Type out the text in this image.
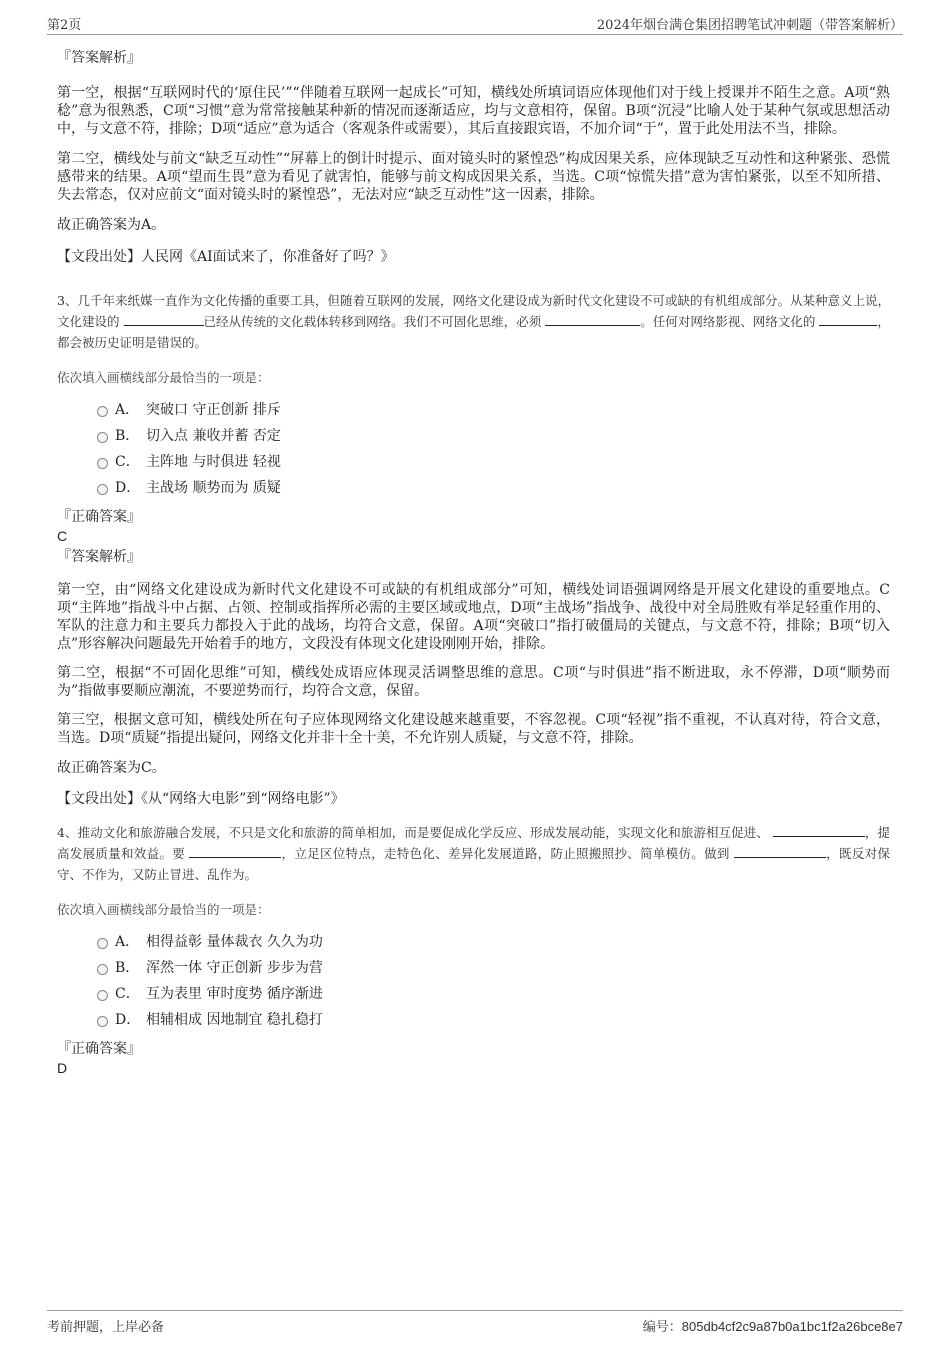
第2页	2024年烟台满仓集团招聘笔试冲刺题（带答案解析）

『答案解析』

第一空，根据“互联网时代的‘原住民’”“伴随着互联网一起成长”可知，横线处所填词语应体现他们对于线上授课并不陌生之意。A项“熟稔”意为很熟悉，C项“习惯”意为常常接触某种新的情况而逐渐适应，均与文意相符，保留。B项“沉浸”比喻人处于某种气氛或思想活动中，与文意不符，排除；D项“适应”意为适合（客观条件或需要），其后直接跟宾语，不加介词“于”，置于此处用法不当，排除。

第二空，横线处与前文“缺乏互动性”“屏幕上的倒计时提示、面对镜头时的紧惶恐”构成因果关系，应体现缺乏互动性和这种紧张、恐慌感带来的结果。A项“望而生畏”意为看见了就害怕，能够与前文构成因果关系，当选。C项“惊慌失措”意为害怕紧张，以至不知所措、失去常态，仅对应前文“面对镜头时的紧惶恐”，无法对应“缺乏互动性”这一因素，排除。

故正确答案为A。

【文段出处】人民网《AI面试来了，你准备好了吗？》

3、几千年来纸媒一直作为文化传播的重要工具，但随着互联网的发展，网络文化建设成为新时代文化建设不可或缺的有机组成部分。从某种意义上说，文化建设的	已经从传统的文化载体转移到网络。我们不可固化思维，必须	。任何对网络影视、网络文化的	，都会被历史证明是错误的。

依次填入画横线部分最恰当的一项是：

A． 突破口 守正创新 排斥
B． 切入点 兼收并蓄 否定
C． 主阵地 与时俱进 轻视
D． 主战场 顺势而为 质疑

『正确答案』

C

『答案解析』

第一空，由“网络文化建设成为新时代文化建设不可或缺的有机组成部分”可知，横线处词语强调网络是开展文化建设的重要地点。C项“主阵地”指战斗中占据、占领、控制或指挥所必需的主要区域或地点，D项“主战场”指战争、战役中对全局胜败有举足轻重作用的、军队的注意力和主要兵力都投入于此的战场，均符合文意，保留。A项“突破口”指打破僵局的关键点，与文意不符，排除；B项“切入点”形容解决问题最先开始着手的地方，文段没有体现文化建设刚刚开始，排除。

第二空，根据“不可固化思维”可知，横线处成语应体现灵活调整思维的意思。C项“与时俱进”指不断进取，永不停滞，D项“顺势而为”指做事要顺应潮流，不要逆势而行，均符合文意，保留。

第三空，根据文意可知，横线处所在句子应体现网络文化建设越来越重要，不容忽视。C项“轻视”指不重视，不认真对待，符合文意，当选。D项“质疑”指提出疑问，网络文化并非十全十美，不允许别人质疑，与文意不符，排除。

故正确答案为C。

【文段出处】《从“网络大电影”到“网络电影”》

4、推动文化和旅游融合发展，不只是文化和旅游的简单相加，而是要促成化学反应、形成发展动能，实现文化和旅游相互促进、	，提高发展质量和效益。要	，立足区位特点，走特色化、差异化发展道路，防止照搬照抄、简单模仿。做到	，既反对保守、不作为，又防止冒进、乱作为。

依次填入画横线部分最恰当的一项是：

A． 相得益彰 量体裁衣 久久为功
B． 浑然一体 守正创新 步步为营
C． 互为表里 审时度势 循序渐进
D． 相辅相成 因地制宜 稳扎稳打

『正确答案』

D

考前押题，上岸必备	编号：805db4cf2c9a87b0a1bc1f2a26bce8e7
